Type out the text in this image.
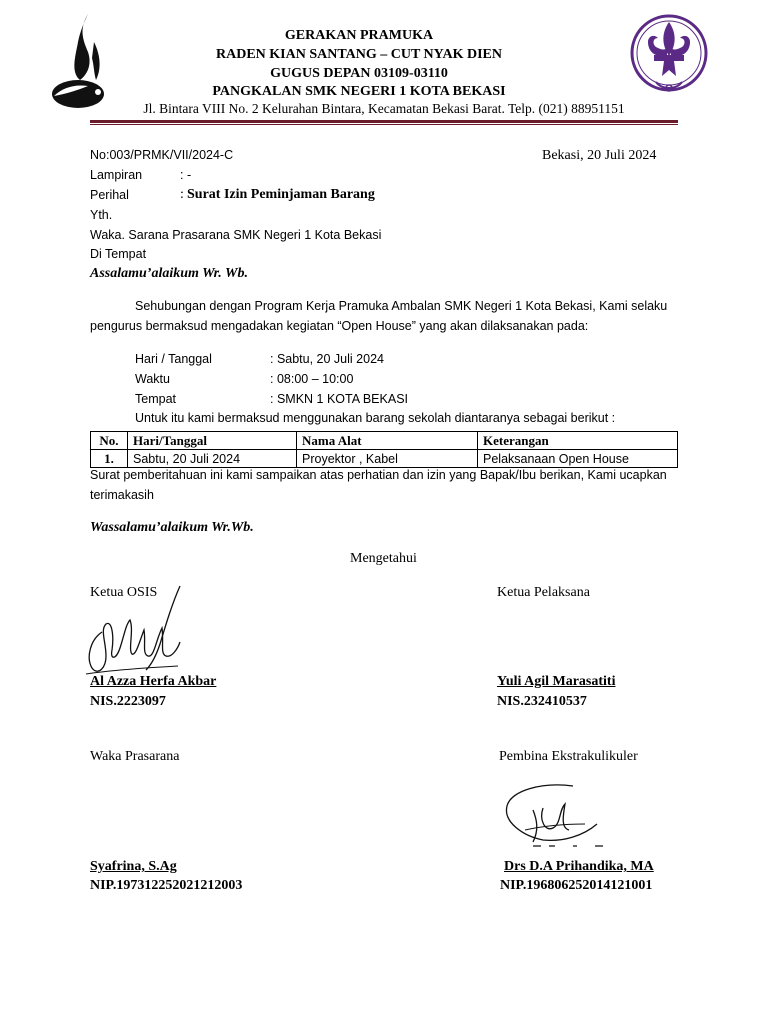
GERAKAN PRAMUKA
RADEN KIAN SANTANG – CUT NYAK DIEN
GUGUS DEPAN 03109-03110
PANGKALAN SMK NEGERI 1 KOTA BEKASI
Jl. Bintara VIII No. 2 Kelurahan Bintara, Kecamatan Bekasi Barat. Telp. (021) 88951151
No:003/PRMK/VII/2024-C	Bekasi, 20 Juli 2024
Lampiran	: -
Perihal	: Surat Izin Peminjaman Barang
Yth.
Waka. Sarana Prasarana SMK Negeri 1 Kota Bekasi
Di Tempat
Assalamu’alaikum Wr. Wb.
Sehubungan dengan Program Kerja Pramuka Ambalan SMK Negeri 1 Kota Bekasi, Kami selaku
pengurus bermaksud mengadakan kegiatan “Open House” yang akan dilaksanakan pada:
Hari / Tanggal	: Sabtu, 20 Juli 2024
Waktu	: 08:00 – 10:00
Tempat	: SMKN 1 KOTA BEKASI
Untuk itu kami bermaksud menggunakan barang sekolah diantaranya sebagai berikut :
No.	Hari/Tanggal	Nama Alat	Keterangan
1.	Sabtu, 20 Juli 2024	Proyektor , Kabel	Pelaksanaan Open House
Surat pemberitahuan ini kami sampaikan atas perhatian dan izin yang Bapak/Ibu berikan, Kami ucapkan
terimakasih
Wassalamu’alaikum Wr.Wb.
Mengetahui
Ketua OSIS	Ketua Pelaksana
Al Azza Herfa Akbar
NIS.2223097
Yuli Agil Marasatiti
NIS.232410537
Waka Prasarana	Pembina Ekstrakulikuler
Syafrina, S.Ag
NIP.197312252021212003
Drs D.A Prihandika, MA
NIP.196806252014121001
